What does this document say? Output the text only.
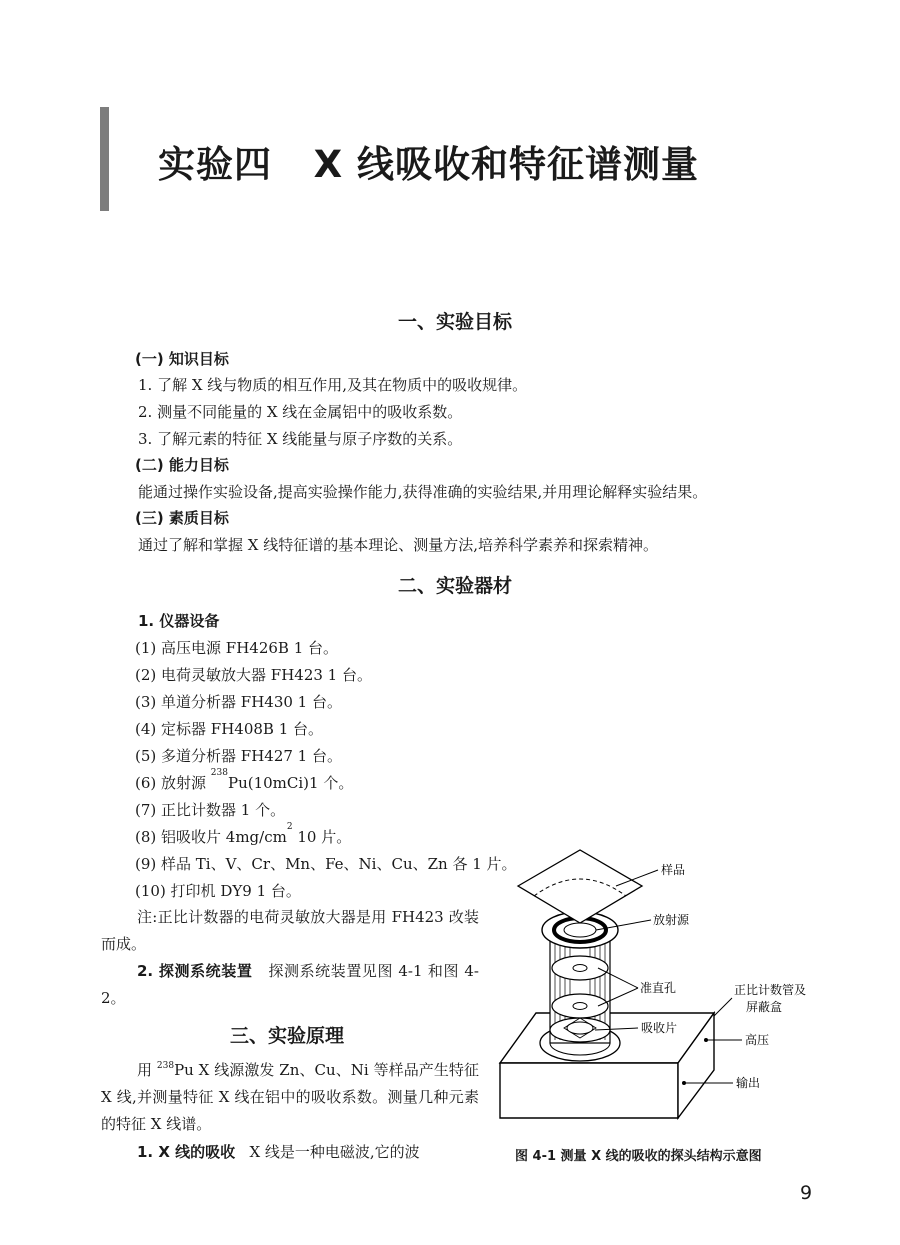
实验四   X 线吸收和特征谱测量
一、实验目标
(一) 知识目标
1. 了解 X 线与物质的相互作用,及其在物质中的吸收规律。
2. 测量不同能量的 X 线在金属铝中的吸收系数。
3. 了解元素的特征 X 线能量与原子序数的关系。
(二) 能力目标
能通过操作实验设备,提高实验操作能力,获得准确的实验结果,并用理论解释实验结果。
(三) 素质目标
通过了解和掌握 X 线特征谱的基本理论、测量方法,培养科学素养和探索精神。
二、实验器材
1. 仪器设备
(1) 高压电源 FH426B 1 台。
(2) 电荷灵敏放大器 FH423 1 台。
(3) 单道分析器 FH430 1 台。
(4) 定标器 FH408B 1 台。
(5) 多道分析器 FH427 1 台。
(6) 放射源 $^{238}$Pu(10mCi)1 个。
(7) 正比计数器 1 个。
(8) 铝吸收片 $4mg/cm^2$ 10 片。
(9) 样品 Ti、V、Cr、Mn、Fe、Ni、Cu、Zn 各 1 片。
(10) 打印机 DY9 1 台。

注:正比计数器的电荷灵敏放大器是用 FH423 改装而成。

2. 探测系统装置 探测系统装置见图 4-1 和图 4-2。

三、实验原理

用 $^{238}$Pu X 线源激发 Zn、Cu、Ni 等样品产生特征 X 线,并测量特征 X 线在铝中的吸收系数。测量几种元素的特征 X 线谱。

1. X 线的吸收 X 线是一种电磁波,它的波
样品
放射源
准直孔	正比计数管及
屏蔽盒
吸收片
高压
输出
图 4-1 测量 X 线的吸收的探头结构示意图
9
